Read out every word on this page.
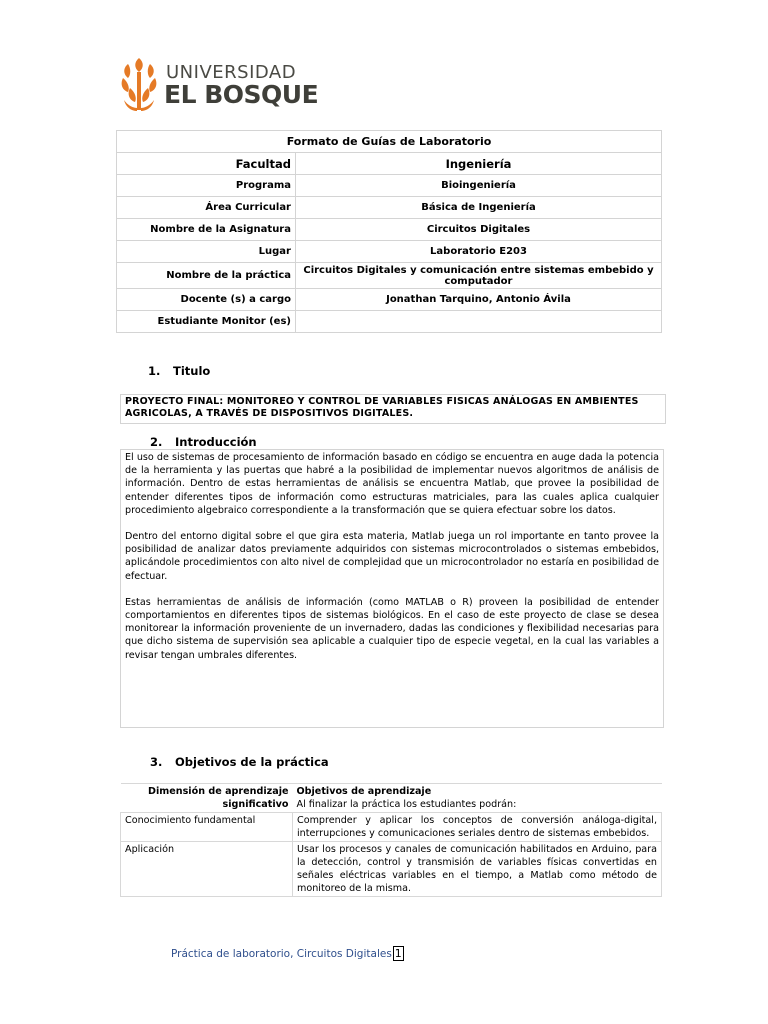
UNIVERSIDAD
EL BOSQUE
Formato de Guías de Laboratorio	
Facultad	Ingeniería
Programa	Bioingeniería
Área Curricular	Básica de Ingeniería
Nombre de la Asignatura	Circuitos Digitales
Lugar	Laboratorio E203
Nombre de la práctica	Circuitos Digitales y comunicación entre sistemas embebido y computador
Docente (s) a cargo	Jonathan Tarquino, Antonio Ávila
Estudiante Monitor (es)	
1. Titulo
PROYECTO FINAL: MONITOREO Y CONTROL DE VARIABLES FISICAS ANÁLOGAS EN AMBIENTES AGRICOLAS, A TRAVÉS DE DISPOSITIVOS DIGITALES.
2. Introducción

El uso de sistemas de procesamiento de información basado en código se encuentra en auge dada la potencia de la herramienta y las puertas que habré a la posibilidad de implementar nuevos algoritmos de análisis de información. Dentro de estas herramientas de análisis se encuentra Matlab, que provee la posibilidad de entender diferentes tipos de información como estructuras matriciales, para las cuales aplica cualquier procedimiento algebraico correspondiente a la transformación que se quiera efectuar sobre los datos.

Dentro del entorno digital sobre el que gira esta materia, Matlab juega un rol importante en tanto provee la posibilidad de analizar datos previamente adquiridos con sistemas microcontrolados o sistemas embebidos, aplicándole procedimientos con alto nivel de complejidad que un microcontrolador no estaría en posibilidad de efectuar.

Estas herramientas de análisis de información (como MATLAB o R) proveen la posibilidad de entender comportamientos en diferentes tipos de sistemas biológicos. En el caso de este proyecto de clase se desea monitorear la información proveniente de un invernadero, dadas las condiciones y flexibilidad necesarias para que dicho sistema de supervisión sea aplicable a cualquier tipo de especie vegetal, en la cual las variables a revisar tengan umbrales diferentes.

3. Objetivos de la práctica
Dimensión de aprendizaje significativo	Objetivos de aprendizaje
Al finalizar la práctica los estudiantes podrán:

Conocimiento fundamental	Comprender y aplicar los conceptos de conversión análoga-digital, interrupciones y comunicaciones seriales dentro de sistemas embebidos.
Aplicación	Usar los procesos y canales de comunicación habilitados en Arduino, para la detección, control y transmisión de variables físicas convertidas en señales eléctricas variables en el tiempo, a Matlab como método de monitoreo de la misma.
Práctica de laboratorio, Circuitos Digitales 1
